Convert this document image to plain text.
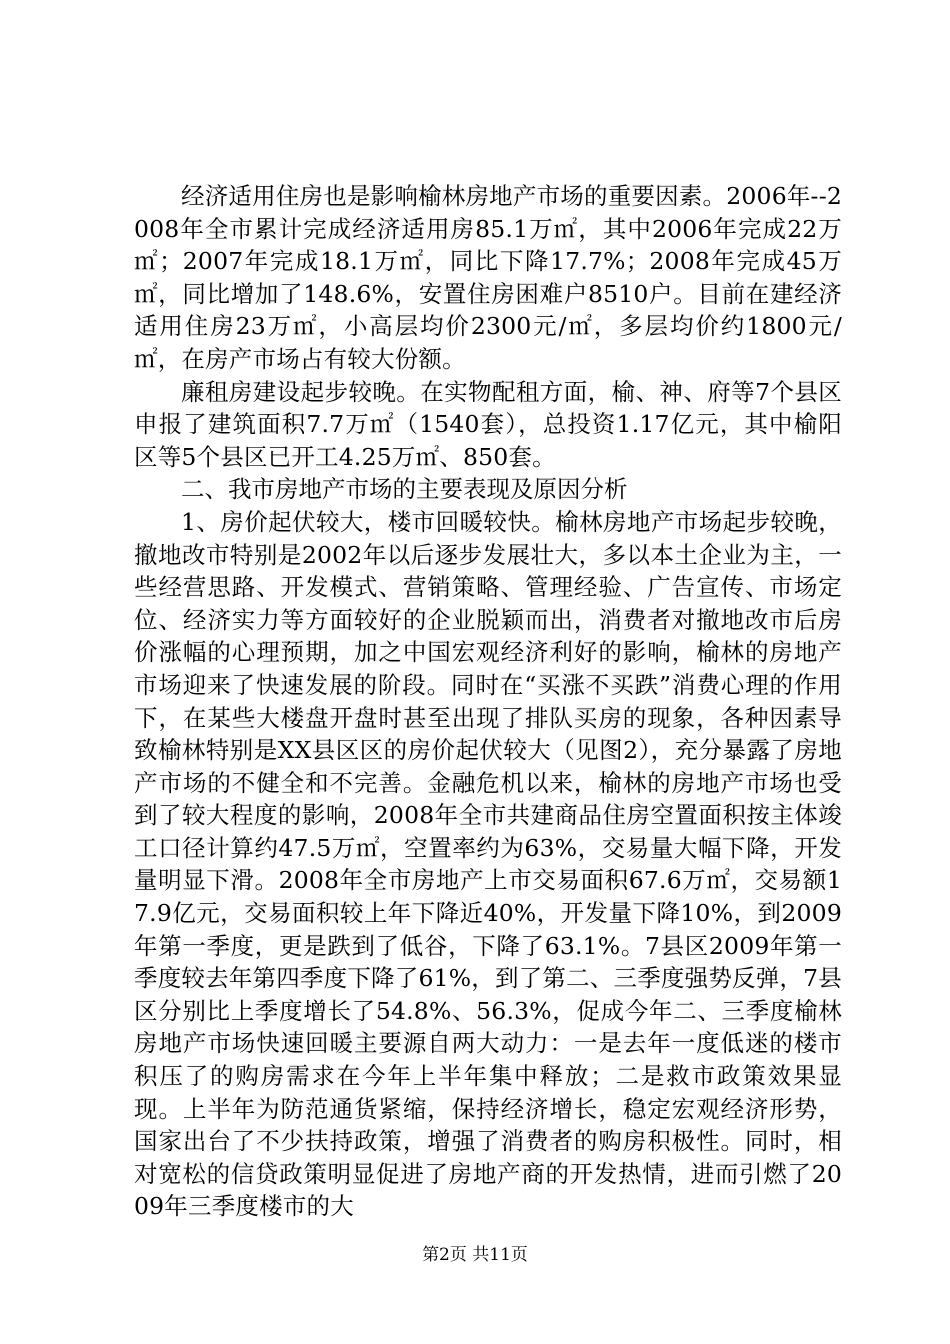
经济适用住房也是影响榆林房地产市场的重要因素。2006年--2008年全市累计完成经济适用房85.1万㎡，其中2006年完成22万㎡；2007年完成18.1万㎡，同比下降17.7%；2008年完成45万㎡，同比增加了148.6%，安置住房困难户8510户。目前在建经济适用住房23万㎡，小高层均价2300元/㎡，多层均价约1800元/㎡，在房产市场占有较大份额。

廉租房建设起步较晚。在实物配租方面，榆、神、府等7个县区申报了建筑面积7.7万㎡（1540套），总投资1.17亿元，其中榆阳区等5个县区已开工4.25万㎡、850套。

二、我市房地产市场的主要表现及原因分析

1、房价起伏较大，楼市回暖较快。榆林房地产市场起步较晚，撤地改市特别是2002年以后逐步发展壮大，多以本土企业为主，一些经营思路、开发模式、营销策略、管理经验、广告宣传、市场定位、经济实力等方面较好的企业脱颖而出，消费者对撤地改市后房价涨幅的心理预期，加之中国宏观经济利好的影响，榆林的房地产市场迎来了快速发展的阶段。同时在“买涨不买跌”消费心理的作用下，在某些大楼盘开盘时甚至出现了排队买房的现象，各种因素导致榆林特别是XX县区区的房价起伏较大（见图2），充分暴露了房地产市场的不健全和不完善。金融危机以来，榆林的房地产市场也受到了较大程度的影响，2008年全市共建商品住房空置面积按主体竣工口径计算约47.5万㎡，空置率约为63%，交易量大幅下降，开发量明显下滑。2008年全市房地产上市交易面积67.6万㎡，交易额17.9亿元，交易面积较上年下降近40%，开发量下降10%，到2009年第一季度，更是跌到了低谷，下降了63.1%。7县区2009年第一季度较去年第四季度下降了61%，到了第二、三季度强势反弹，7县区分别比上季度增长了54.8%、56.3%，促成今年二、三季度榆林房地产市场快速回暖主要源自两大动力：一是去年一度低迷的楼市积压了的购房需求在今年上半年集中释放；二是救市政策效果显现。上半年为防范通货紧缩，保持经济增长，稳定宏观经济形势，国家出台了不少扶持政策，增强了消费者的购房积极性。同时，相对宽松的信贷政策明显促进了房地产商的开发热情，进而引燃了2009年三季度楼市的大

第2页 共11页
